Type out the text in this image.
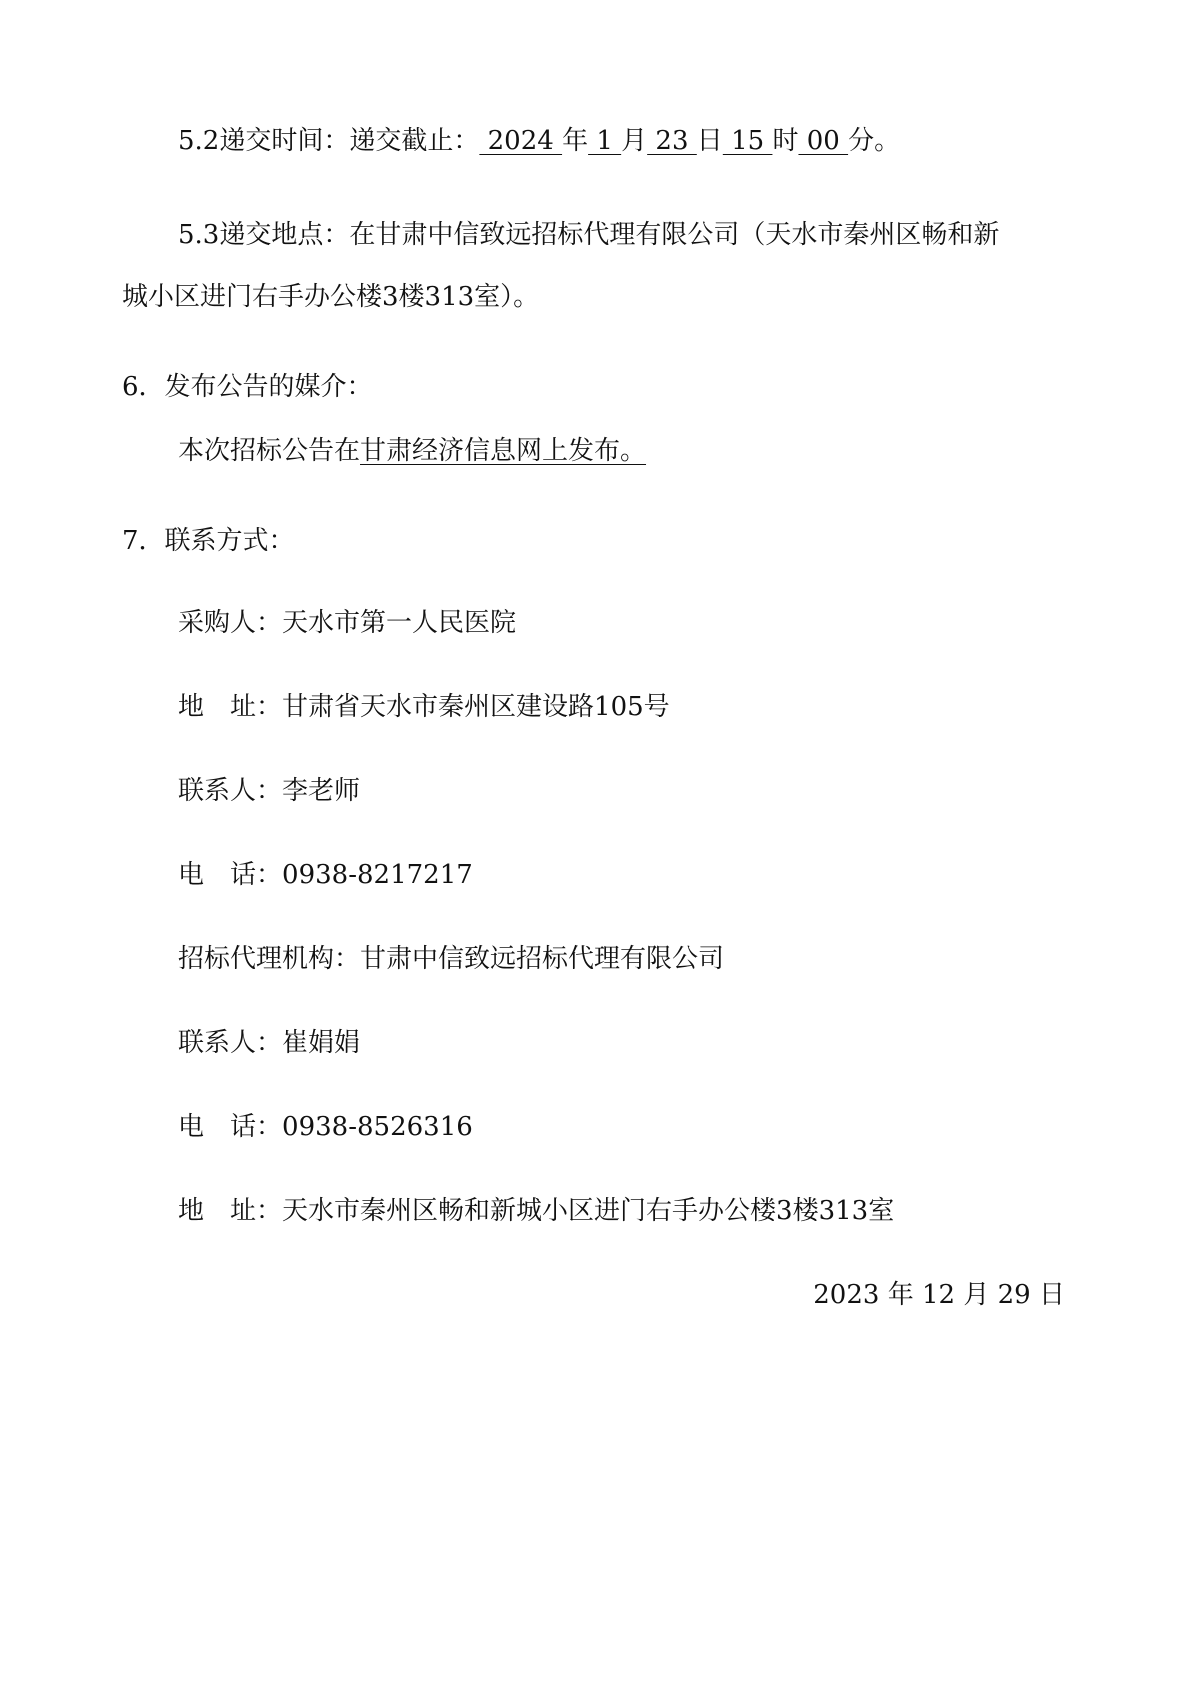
5.2递交时间：递交截止： 2024 年 1 月 23 日 15 时 00 分。
5.3递交地点：在甘肃中信致远招标代理有限公司（天水市秦州区畅和新
城小区进门右手办公楼3楼313室）。
6．发布公告的媒介：
本次招标公告在甘肃经济信息网上发布。
7．联系方式：
采购人：天水市第一人民医院
地 址：甘肃省天水市秦州区建设路105号
联系人：李老师
电 话：0938-8217217
招标代理机构：甘肃中信致远招标代理有限公司
联系人：崔娟娟
电 话：0938-8526316
地 址：天水市秦州区畅和新城小区进门右手办公楼3楼313室
2023 年 12 月 29 日
